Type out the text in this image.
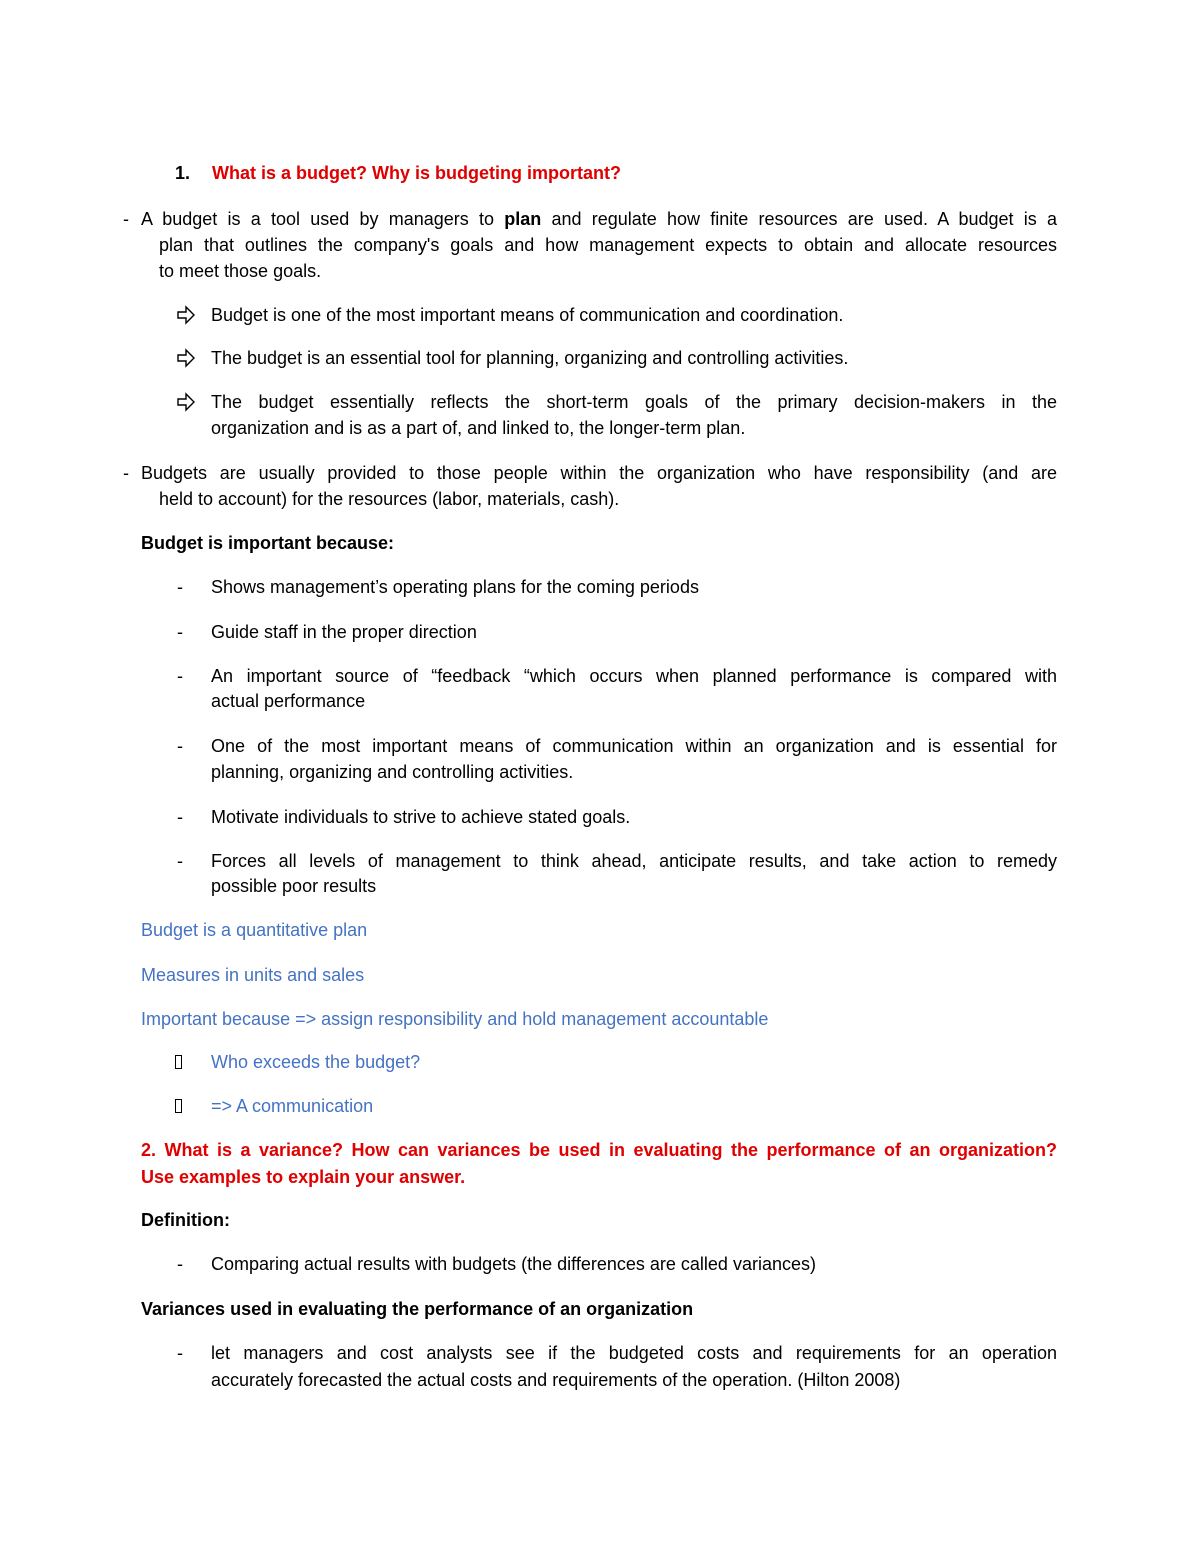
1. What is a budget? Why is budgeting important?
- A budget is a tool used by managers to plan and regulate how finite resources are used. A budget is a
plan that outlines the company's goals and how management expects to obtain and allocate resources
to meet those goals.
Budget is one of the most important means of communication and coordination.
The budget is an essential tool for planning, organizing and controlling activities.
The budget essentially reflects the short-term goals of the primary decision-makers in the
organization and is as a part of, and linked to, the longer-term plan.
- Budgets are usually provided to those people within the organization who have responsibility (and are
held to account) for the resources (labor, materials, cash).
Budget is important because:
- Shows management’s operating plans for the coming periods
- Guide staff in the proper direction
- An important source of “feedback “which occurs when planned performance is compared with
actual performance
- One of the most important means of communication within an organization and is essential for
planning, organizing and controlling activities.
- Motivate individuals to strive to achieve stated goals.
- Forces all levels of management to think ahead, anticipate results, and take action to remedy
possible poor results
Budget is a quantitative plan
Measures in units and sales
Important because => assign responsibility and hold management accountable
Who exceeds the budget?
=> A communication
2. What is a variance? How can variances be used in evaluating the performance of an organization?
Use examples to explain your answer.
Definition:
- Comparing actual results with budgets (the differences are called variances)
Variances used in evaluating the performance of an organization
- let managers and cost analysts see if the budgeted costs and requirements for an operation
accurately forecasted the actual costs and requirements of the operation. (Hilton 2008)
